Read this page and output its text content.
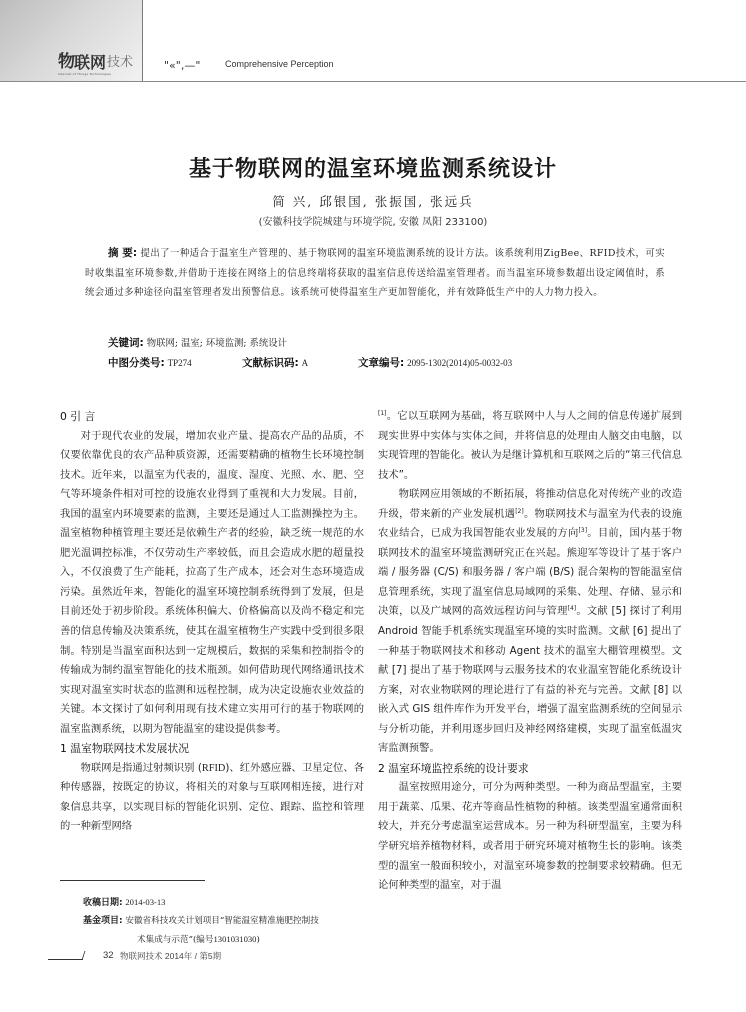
物 联网 技术
Internet of Things Technologies
"«",—"	Comprehensive Perception
基于物联网的温室环境监测系统设计
简 兴, 邱银国, 张振国, 张远兵
(安徽科技学院城建与环境学院, 安徽 凤阳 233100)
摘 要: 提出了一种适合于温室生产管理的、基于物联网的温室环境监测系统的设计方法。该系统利用ZigBee、RFID技术，可实时收集温室环境参数,并借助于连接在网络上的信息终端将获取的温室信息传送给温室管理者。而当温室环境参数超出设定阈值时，系统会通过多种途径向温室管理者发出预警信息。该系统可使得温室生产更加智能化，并有效降低生产中的人力物力投入。
关键词: 物联网; 温室; 环境监测; 系统设计
中图分类号: TP274	文献标识码: A	文章编号: 2095-1302(2014)05-0032-03
0 引 言

对于现代农业的发展，增加农业产量、提高农产品的品质，不仅要依靠优良的农产品种质资源，还需要精确的植物生长环境控制技术。近年来，以温室为代表的，温度、湿度、光照、水、肥、空气等环境条件相对可控的设施农业得到了重视和大力发展。目前，我国的温室内环境要素的监测，主要还是通过人工监测操控为主。温室植物种植管理主要还是依赖生产者的经验，缺乏统一规范的水肥光温调控标准，不仅劳动生产率较低，而且会造成水肥的超量投入，不仅浪费了生产能耗，拉高了生产成本，还会对生态环境造成污染。虽然近年来，智能化的温室环境控制系统得到了发展，但是目前还处于初步阶段。系统体积偏大、价格偏高以及尚不稳定和完善的信息传输及决策系统，使其在温室植物生产实践中受到很多限制。特别是当温室面积达到一定规模后，数据的采集和控制指令的传输成为制约温室智能化的技术瓶颈。如何借助现代网络通讯技术实现对温室实时状态的监测和远程控制，成为决定设施农业效益的关键。本文探讨了如何利用现有技术建立实用可行的基于物联网的温室监测系统，以期为智能温室的建设提供参考。

1 温室物联网技术发展状况

物联网是指通过射频识别 (RFID)、红外感应器、卫星定位、各种传感器，按既定的协议，将相关的对象与互联网相连接，进行对象信息共享，以实现目标的智能化识别、定位、跟踪、监控和管理的一种新型网络

[1]。它以互联网为基础，将互联网中人与人之间的信息传递扩展到现实世界中实体与实体之间，并将信息的处理由人脑交由电脑，以实现管理的智能化。被认为是继计算机和互联网之后的“第三代信息技术”。

物联网应用领域的不断拓展，将推动信息化对传统产业的改造升级，带来新的产业发展机遇[2]。物联网技术与温室为代表的设施农业结合，已成为我国智能农业发展的方向[3]。目前，国内基于物联网技术的温室环境监测研究正在兴起。熊迎军等设计了基于客户端 / 服务器 (C/S) 和服务器 / 客户端 (B/S) 混合架构的智能温室信息管理系统，实现了温室信息局域网的采集、处理、存储、显示和决策，以及广域网的高效远程访问与管理[4]。文献 [5] 探讨了利用 Android 智能手机系统实现温室环境的实时监测。文献 [6] 提出了一种基于物联网技术和移动 Agent 技术的温室大棚管理模型。文献 [7] 提出了基于物联网与云服务技术的农业温室智能化系统设计方案，对农业物联网的理论进行了有益的补充与完善。文献 [8] 以嵌入式 GIS 组件库作为开发平台，增强了温室监测系统的空间显示与分析功能，并利用逐步回归及神经网络建模，实现了温室低温灾害监测预警。

2 温室环境监控系统的设计要求

温室按照用途分，可分为两种类型。一种为商品型温室，主要用于蔬菜、瓜果、花卉等商品性植物的种植。该类型温室通常面积较大，并充分考虑温室运营成本。另一种为科研型温室，主要为科学研究培养植物材料，或者用于研究环境对植物生长的影响。该类型的温室一般面积较小，对温室环境参数的控制要求较精确。但无论何种类型的温室，对于温

收稿日期: 2014-03-13
基金项目: 安徽省科技攻关计划项目“智能温室精准施肥控制技
术集成与示范”(编号1301031030)
/ 32 物联网技术 2014年 / 第5期
